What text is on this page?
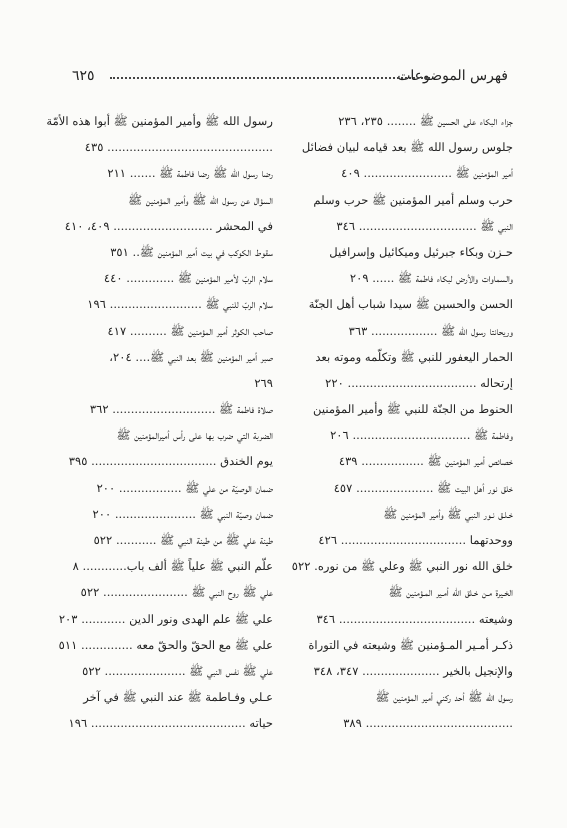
فهرس الموضوعات
٦٢٥
جزاء البكاء على الحسين ﷺ ........ ٢٣٥، ٢٣٦
جلوس رسول الله ﷺ بعد قيامه لبيان فضائل
أمير المؤمنين ﷺ ........................ ٤٠٩
حرب وسلم أمير المؤمنين ﷺ حرب وسلم
النبي ﷺ ................................ ٣٤٦
حـزن وبكاء جبرئيل وميكائيل وإسرافيل
والسماوات والأرض لبكاء فاطمة ﷺ ...... ٢٠٩
الحسن والحسين ﷺ سيدا شباب أهل الجنّة
وريحانتا رسول الله ﷺ .................. ٣٦٣
الحمار اليعفور للنبي ﷺ وتكلّمه وموته بعد
إرتحاله ................................... ٢٢٠
الحنوط من الجنّة للنبي ﷺ وأمير المؤمنين
وفاطمة ﷺ ................................ ٢٠٦
خصائص أمير المؤمنين ﷺ ................. ٤٣٩
خلق نور أهل البيت ﷺ ..................... ٤٥٧
خـلـق نـور النبي ﷺ وأمير المؤمنين ﷺ
ووحدتهما .................................. ٤٢٦
خلق الله نور النبي ﷺ وعلي ﷺ من نوره. ٥٢٢
الخـيرة مـن خـلق الله أمـير المـؤمنين ﷺ
وشيعته ..................................... ٣٤٦
ذكـر أمـير المـؤمنين ﷺ وشيعته في التوراة
والإنجيل بالخير ..................... ٣٤٧، ٣٤٨
رسول الله ﷺ أحد ركني أمير المؤمنين ﷺ
........................................ ٣٨٩
رسول الله ﷺ وأمير المؤمنين ﷺ أبوا هذه الأمّة
............................................. ٤٣٥
رضا رسول الله ﷺ رضا فاطمة ﷺ ....... ٢١١
السؤال عن رسول الله ﷺ وأمير المؤمنين ﷺ
في المحشر ........................... ٤٠٩، ٤١٠
سقوط الكوكب في بيت أمير المؤمنين ﷺ.. ٣٥١
سلام الربّ لأمير المؤمنين ﷺ ............. ٤٤٠
سلام الربّ للنبي ﷺ ......................... ١٩٦
صاحب الكوثر أمير المؤمنين ﷺ .......... ٤١٧
صبر أمير المؤمنين ﷺ بعد النبي ﷺ.... ٢٠٤،
٢٦٩
صلاة فاطمة ﷺ ............................ ٣٦٢
الضربة التي ضرب بها على رأس أميرالمؤمنين ﷺ
يوم الخندق .................................. ٣٩٥
ضمان الوصيّة من علي ﷺ ................. ٢٠٠
ضمان وصيّة النبي ﷺ ...................... ٢٠٠
طينة علي ﷺ من طينة النبي ﷺ ........... ٥٢٢
علّم النبي ﷺ علياً ﷺ ألف باب............ ٨
علي ﷺ روح النبي ﷺ ....................... ٥٢٢
علي ﷺ علم الهدى ونور الدين ............ ٢٠٣
علي ﷺ مع الحقّ والحقّ معه .............. ٥١١
علي ﷺ نفس النبي ﷺ ...................... ٥٢٢
عـلي وفـاطمة ﷺ عند النبي ﷺ في آخر
حياته .......................................... ١٩٦
